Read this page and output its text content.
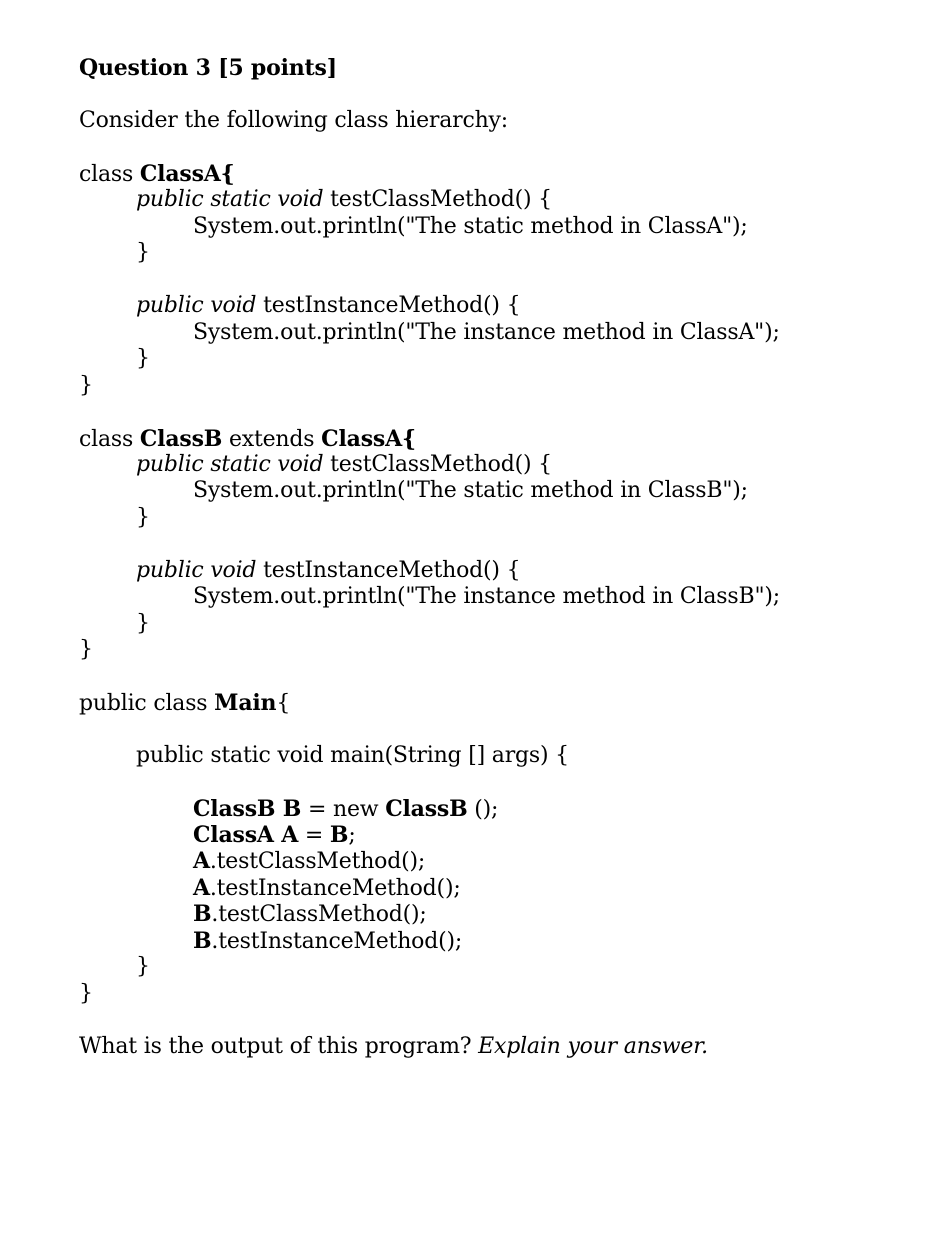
Question 3 [5 points]
Consider the following class hierarchy:
class ClassA{
public static void testClassMethod() {
System.out.println("The static method in ClassA");
}
public void testInstanceMethod() {
System.out.println("The instance method in ClassA");
}
}
class ClassB extends ClassA{
public static void testClassMethod() {
System.out.println("The static method in ClassB");
}
public void testInstanceMethod() {
System.out.println("The instance method in ClassB");
}
}
public class Main{
public static void main(String [] args) {
ClassB B = new ClassB ();
ClassA A = B;
A.testClassMethod();
A.testInstanceMethod();
B.testClassMethod();
B.testInstanceMethod();
}
}
What is the output of this program? Explain your answer.
